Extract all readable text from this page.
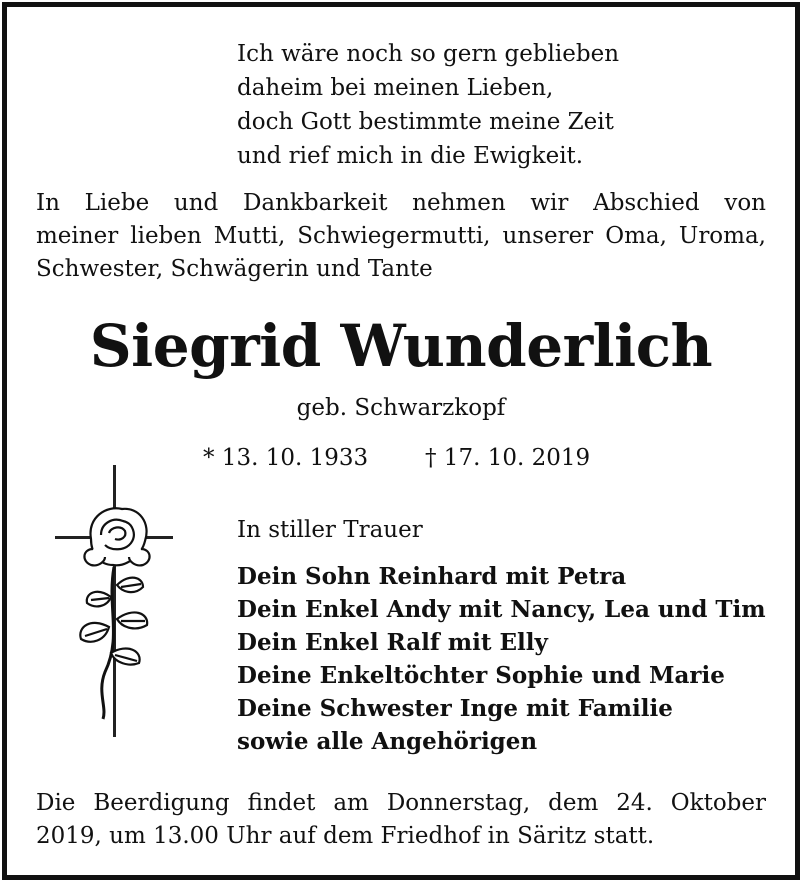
Ich wäre noch so gern geblieben
daheim bei meinen Lieben,
doch Gott bestimmte meine Zeit
und rief mich in die Ewigkeit.
In Liebe und Dankbarkeit nehmen wir Abschied von
meiner lieben Mutti, Schwiegermutti, unserer Oma, Uroma,
Schwester, Schwägerin und Tante
Siegrid Wunderlich
geb. Schwarzkopf
* 13. 10. 1933 † 17. 10. 2019
In stiller Trauer
Dein Sohn Reinhard mit Petra
Dein Enkel Andy mit Nancy, Lea und Tim
Dein Enkel Ralf mit Elly
Deine Enkeltöchter Sophie und Marie
Deine Schwester Inge mit Familie
sowie alle Angehörigen
Die Beerdigung findet am Donnerstag, dem 24. Oktober
2019, um 13.00 Uhr auf dem Friedhof in Säritz statt.
